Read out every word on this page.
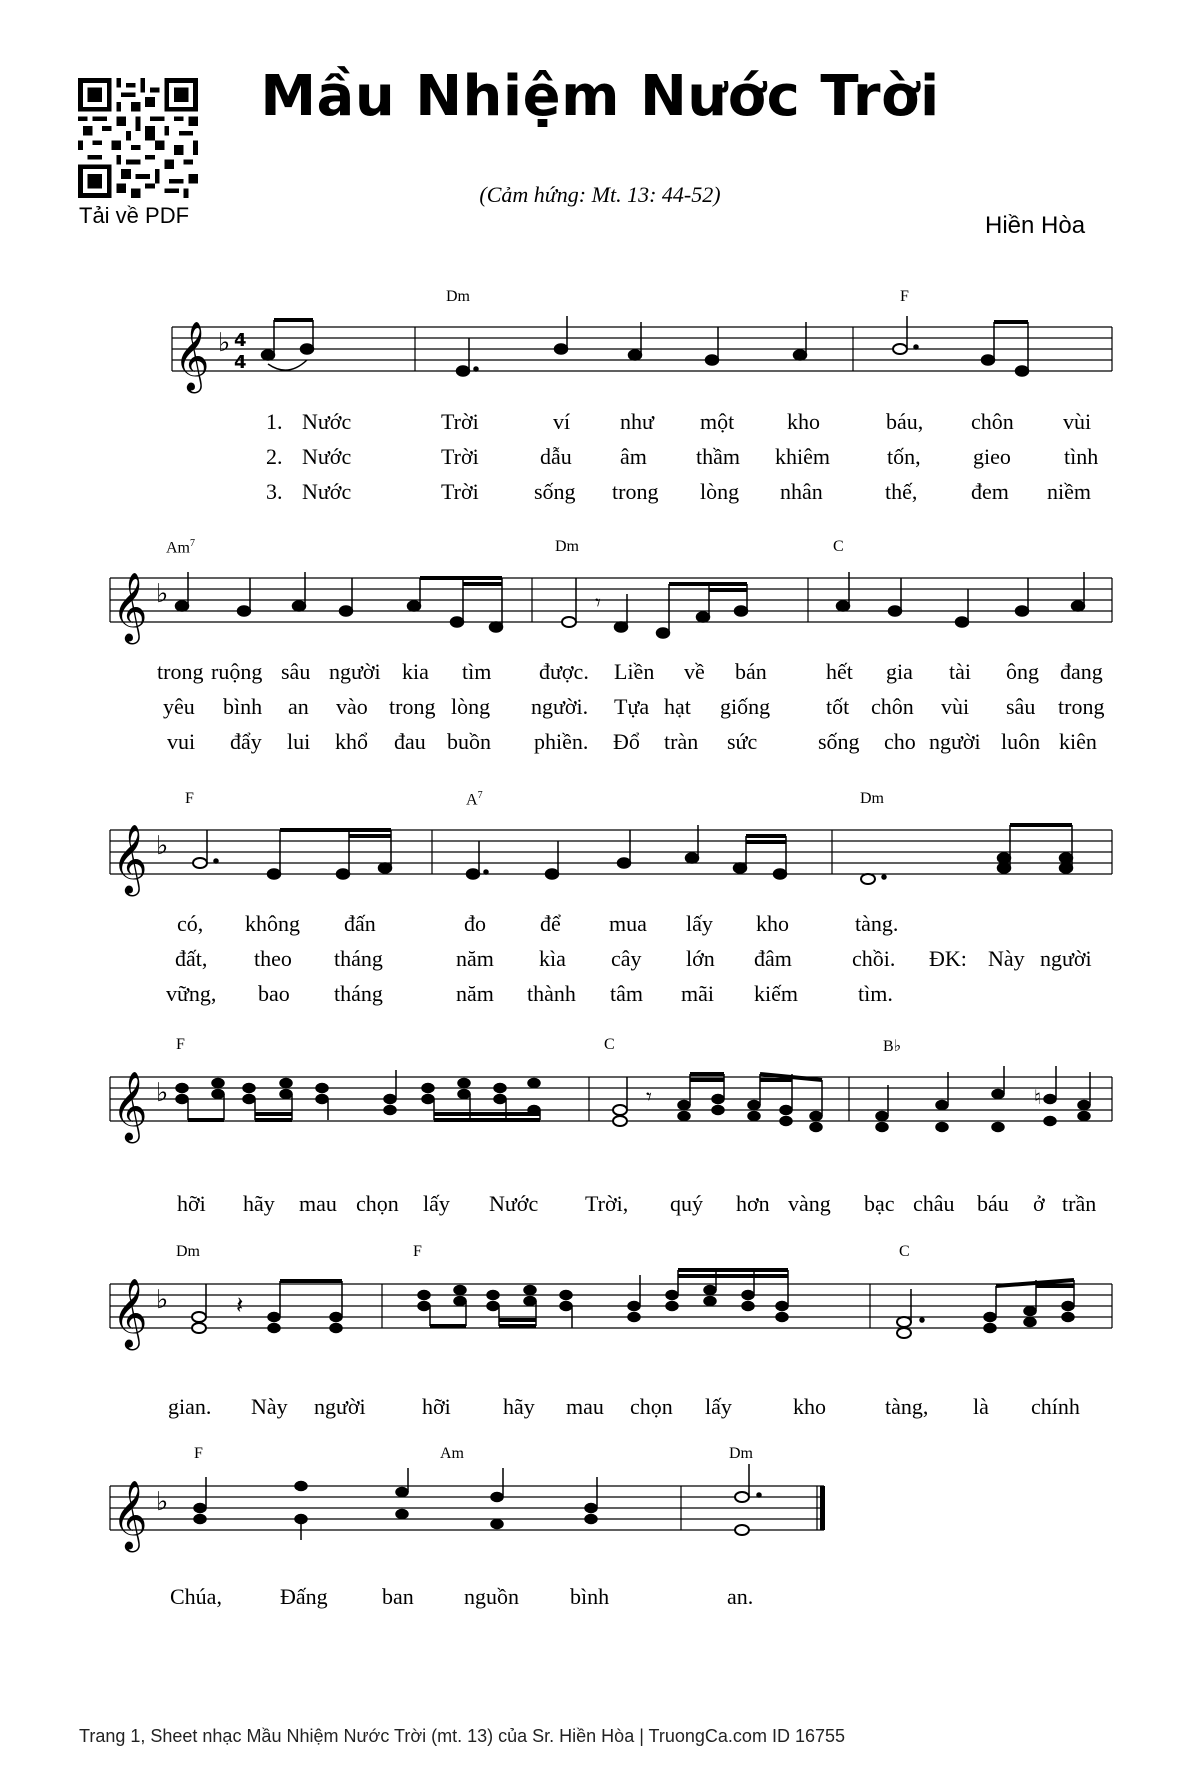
Tải về PDF
Mầu Nhiệm Nước Trời
(Cảm hứng: Mt. 13: 44-52)
Hiền Hòa
Dm	F
𝄞 ♭ 4
4
1. Nước	Trời	ví như một kho	báu, chôn vùi
2. Nước	Trời	dẫu âm thầm khiêm	tốn, gieo tình
3. Nước	Trời	sống trong lòng nhân	thế, đem niềm
Am$^7$	Dm	C
𝄞 ♭	𝄾
trong ruộng sâu người kia tìm được. Liền về bán	hết gia tài ông đang
yêu bình an vào trong lòng người. Tựa hạt giống	tốt chôn vùi sâu trong
vui đẩy lui khổ đau buồn phiền. Đổ tràn sức	sống cho người luôn kiên
F	$A^7$	Dm
𝄞 ♭
có, không đấn	đo để mua lấy kho	tàng.
đất, theo tháng	năm kìa cây lớn đâm	chồi. ĐK: Này người
vững, bao tháng	năm thành tâm mãi kiếm	tìm.
F	C	B♭
𝄞 ♭	𝄾	♮
hỡi hãy mau chọn lấy Nước Trời, quý hơn vàng bạc châu báu ở trần
Dm	F	C
𝄞 ♭	𝄽
gian. Này người	hỡi hãy mau chọn lấy	kho	tàng, là chính
F	Am	Dm
𝄞 ♭
Chúa,	Đấng ban nguồn bình	an.
Trang 1, Sheet nhạc Mầu Nhiệm Nước Trời (mt. 13) của Sr. Hiền Hòa | TruongCa.com ID 16755
